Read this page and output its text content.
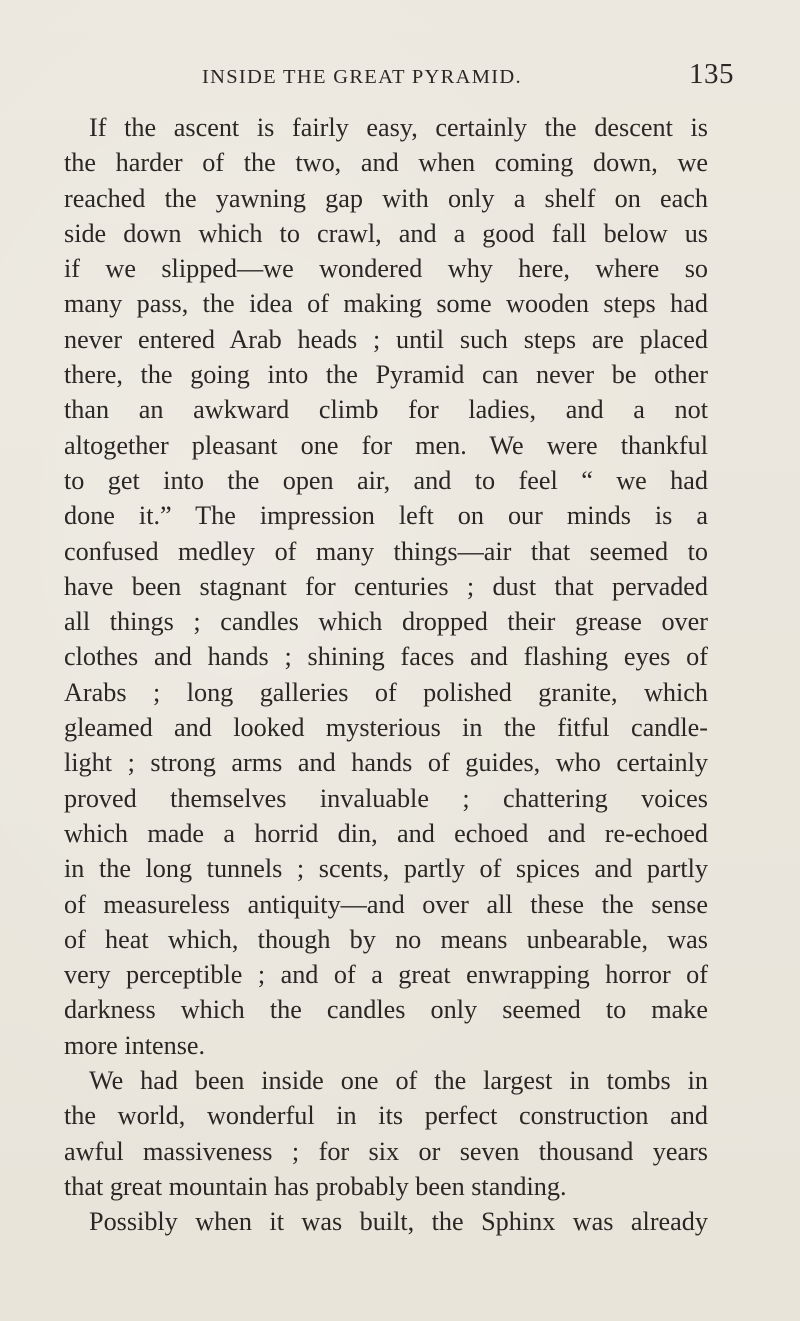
INSIDE THE GREAT PYRAMID.	135
If the ascent is fairly easy, certainly the descent is
the harder of the two, and when coming down, we
reached the yawning gap with only a shelf on each
side down which to crawl, and a good fall below us
if we slipped—we wondered why here, where so
many pass, the idea of making some wooden steps had
never entered Arab heads ; until such steps are placed
there, the going into the Pyramid can never be other
than an awkward climb for ladies, and a not
altogether pleasant one for men. We were thankful
to get into the open air, and to feel “ we had
done it.” The impression left on our minds is a
confused medley of many things—air that seemed to
have been stagnant for centuries ; dust that pervaded
all things ; candles which dropped their grease over
clothes and hands ; shining faces and flashing eyes of
Arabs ; long galleries of polished granite, which
gleamed and looked mysterious in the fitful candle-
light ; strong arms and hands of guides, who certainly
proved themselves invaluable ; chattering voices
which made a horrid din, and echoed and re-echoed
in the long tunnels ; scents, partly of spices and partly
of measureless antiquity—and over all these the sense
of heat which, though by no means unbearable, was
very perceptible ; and of a great enwrapping horror of
darkness which the candles only seemed to make
more intense.
We had been inside one of the largest in tombs in
the world, wonderful in its perfect construction and
awful massiveness ; for six or seven thousand years
that great mountain has probably been standing.
Possibly when it was built, the Sphinx was already
